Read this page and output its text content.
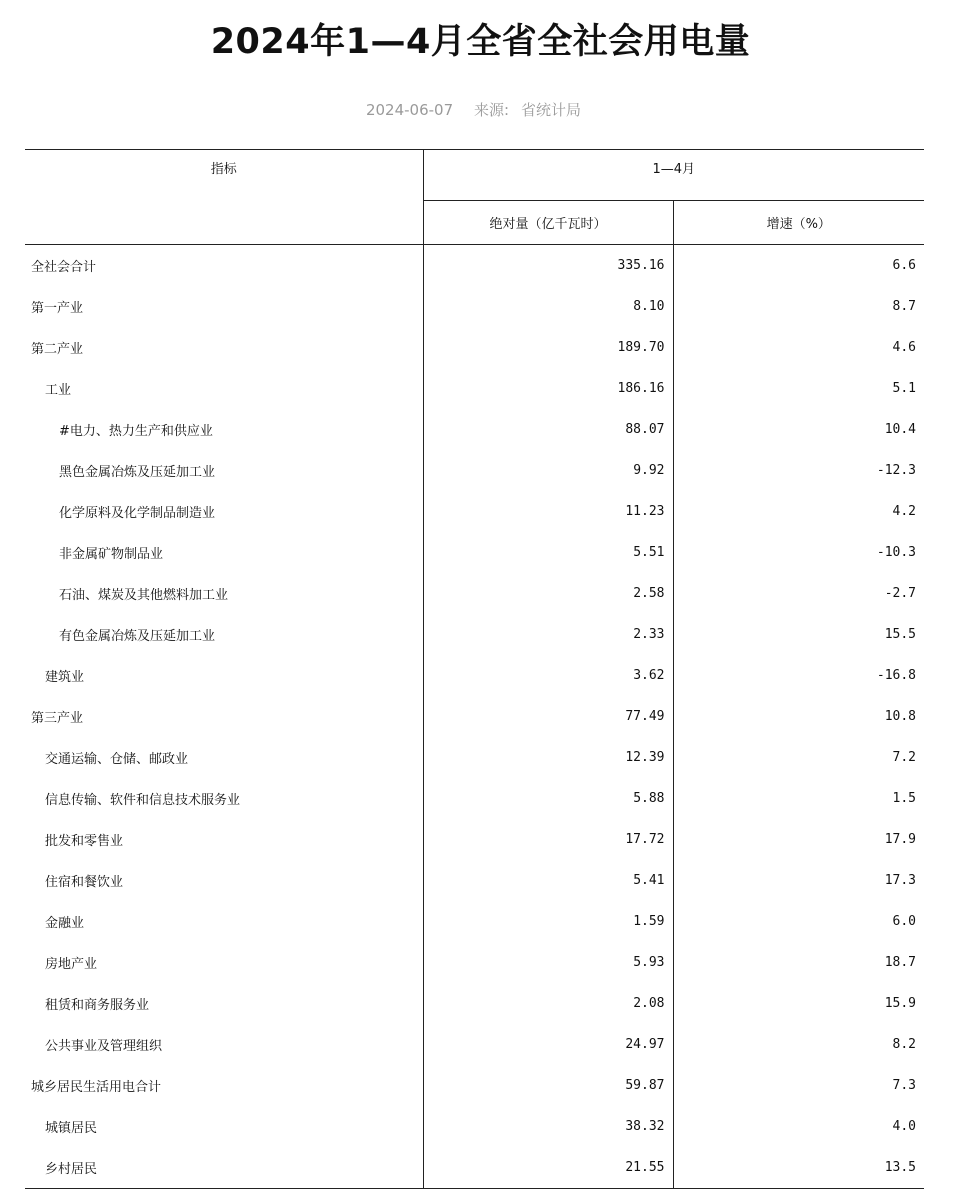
2024年1—4月全省全社会用电量
2024-06-07 来源: 省统计局
指标	1—4月	
	绝对量（亿千瓦时）	增速（%）
全社会合计	335.16	6.6
第一产业	8.10	8.7
第二产业	189.70	4.6
工业	186.16	5.1
#电力、热力生产和供应业	88.07	10.4
黑色金属冶炼及压延加工业	9.92	-12.3
化学原料及化学制品制造业	11.23	4.2
非金属矿物制品业	5.51	-10.3
石油、煤炭及其他燃料加工业	2.58	-2.7
有色金属冶炼及压延加工业	2.33	15.5
建筑业	3.62	-16.8
第三产业	77.49	10.8
交通运输、仓储、邮政业	12.39	7.2
信息传输、软件和信息技术服务业	5.88	1.5
批发和零售业	17.72	17.9
住宿和餐饮业	5.41	17.3
金融业	1.59	6.0
房地产业	5.93	18.7
租赁和商务服务业	2.08	15.9
公共事业及管理组织	24.97	8.2
城乡居民生活用电合计	59.87	7.3
城镇居民	38.32	4.0
乡村居民	21.55	13.5
